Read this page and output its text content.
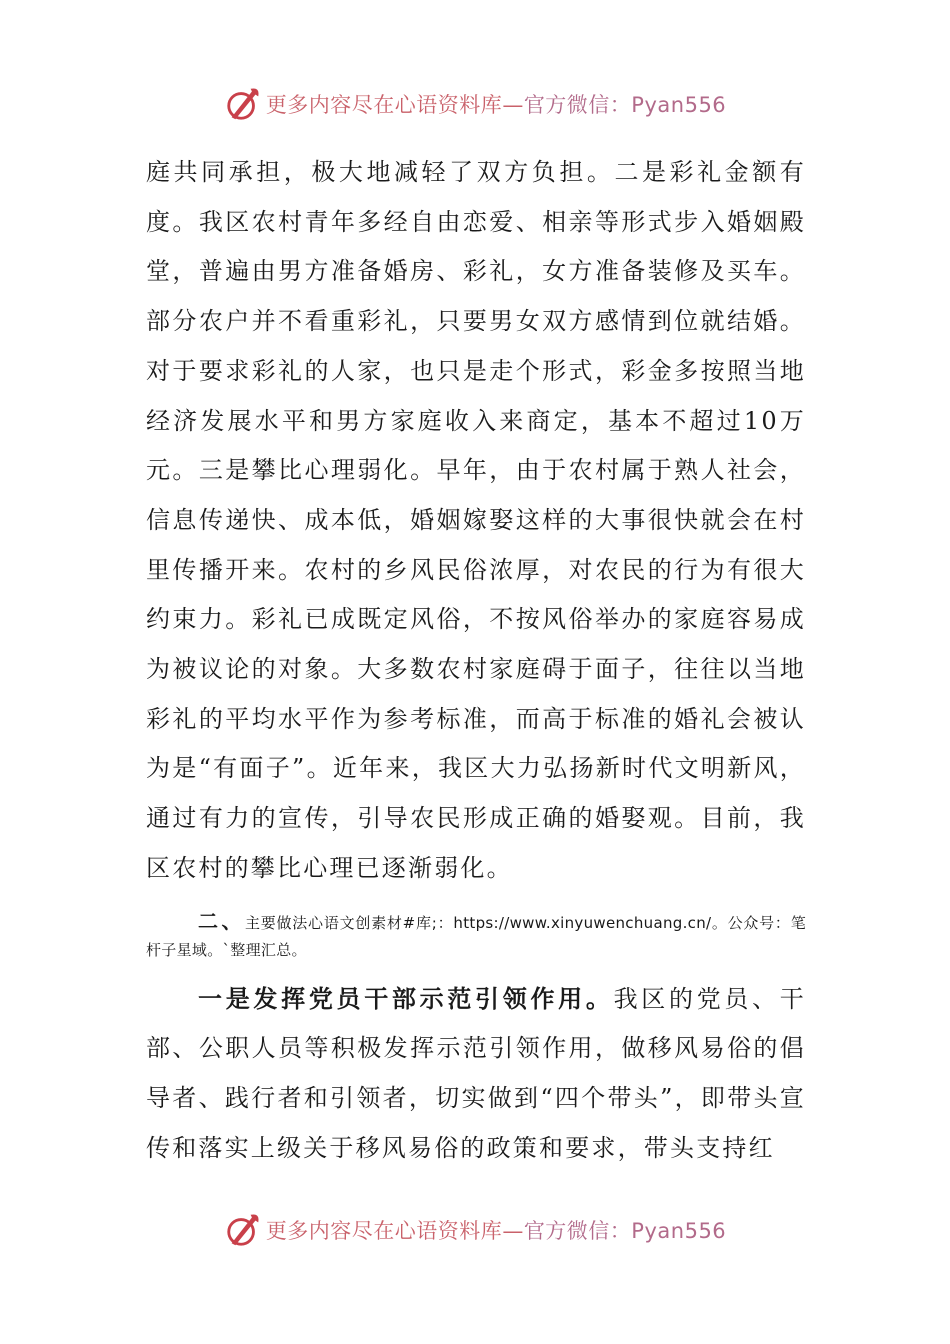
更多内容尽在心语资料库—官方微信：Pyan556

庭共同承担，极大地减轻了双方负担。二是彩礼金额有度。我区农村青年多经自由恋爱、相亲等形式步入婚姻殿堂，普遍由男方准备婚房、彩礼，女方准备装修及买车。部分农户并不看重彩礼，只要男女双方感情到位就结婚。对于要求彩礼的人家，也只是走个形式，彩金多按照当地经济发展水平和男方家庭收入来商定，基本不超过10万元。三是攀比心理弱化。早年，由于农村属于熟人社会，信息传递快、成本低，婚姻嫁娶这样的大事很快就会在村里传播开来。农村的乡风民俗浓厚，对农民的行为有很大约束力。彩礼已成既定风俗，不按风俗举办的家庭容易成为被议论的对象。大多数农村家庭碍于面子，往往以当地彩礼的平均水平作为参考标准，而高于标准的婚礼会被认为是“有面子”。近年来，我区大力弘扬新时代文明新风，通过有力的宣传，引导农民形成正确的婚娶观。目前，我区农村的攀比心理已逐渐弱化。

二、主要做法心语文创素材#库;：https://www.xinyuwenchuang.cn/。公众号：笔杆子星域。`整理汇总。

一是发挥党员干部示范引领作用。我区的党员、干部、公职人员等积极发挥示范引领作用，做移风易俗的倡导者、践行者和引领者，切实做到“四个带头”，即带头宣传和落实上级关于移风易俗的政策和要求，带头支持红

更多内容尽在心语资料库—官方微信：Pyan556
